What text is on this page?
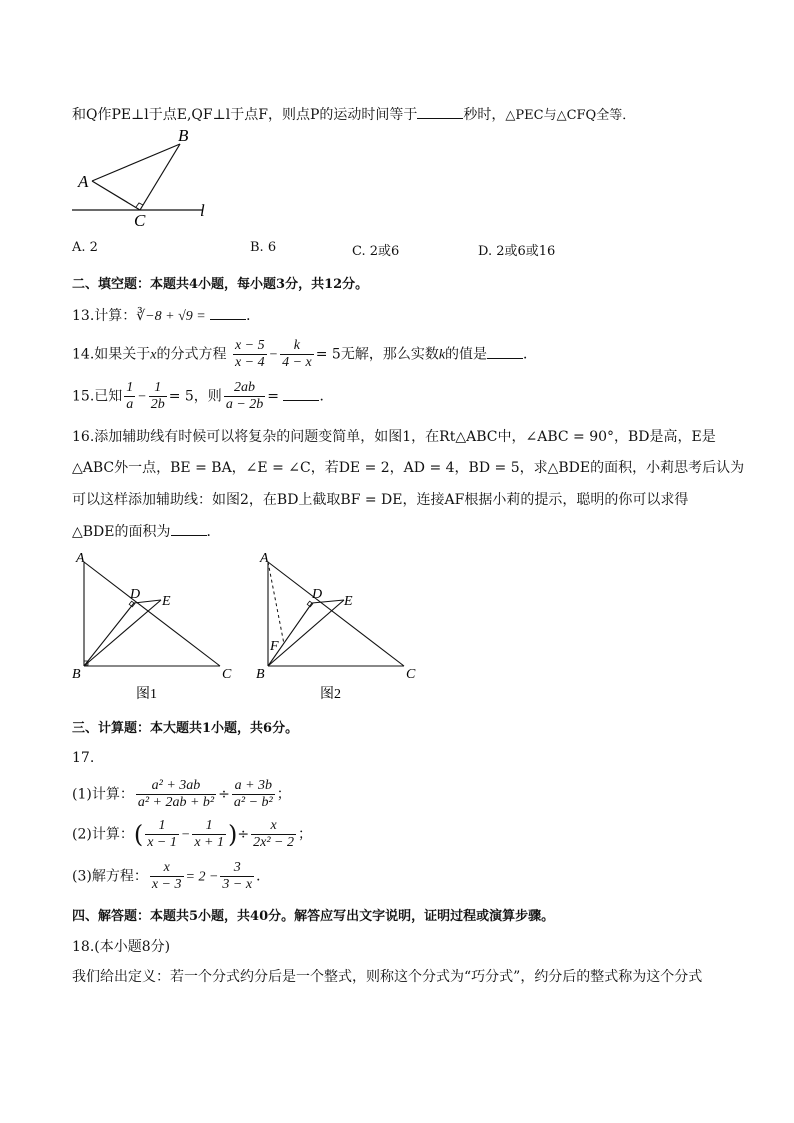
和Q作PE⊥l于点E,QF⊥l于点F，则点P的运动时间等于	秒时，△PEC与△CFQ全等．
A
B
C
l
A. 2	B. 6	C. 2或6	D. 2或6或16
二、填空题：本题共4小题，每小题3分，共12分。
13.计算：∛−8 + √9 =	．
14.如果关于x的分式方程 $\frac{x - 5}{x - 4} - \frac{k}{4 - x} = 5$无解，那么实数k的值是	．
15.已知 $\frac{1}{a} - \frac{1}{2b} = 5$，则 $\frac{2ab}{a - 2b}$ =	．
16.添加辅助线有时候可以将复杂的问题变简单，如图1，在Rt△ABC中，∠ABC = 90°，BD是高，E是
△ABC外一点，BE = BA，∠E = ∠C，若DE = 2，AD = 4，BD = 5，求△BDE的面积，小莉思考后认为
可以这样添加辅助线：如图2，在BD上截取BF = DE，连接AF根据小莉的提示，聪明的你可以求得
△BDE的面积为	．
A
D E
B	C
图1
A
D E
F
B	C
图2
三、计算题：本大题共1小题，共6分。
17.
(1)计算： $\frac{\text{a² + 3ab}}{\text{a² + 2ab + b²}} \div \frac{a + 3b}{\text{a² − b²}}$ ；
(2)计算：( $\frac{1}{x - 1} - \frac{1}{x + 1}$ )÷ $\frac{x}{\text{2x² − 2}}$ ；
(3)解方程： $\frac{x}{x - 3} = 2 - \frac{3}{3 - x}$ ．
四、解答题：本题共5小题，共40分。解答应写出文字说明，证明过程或演算步骤。
18.(本小题8分)
我们给出定义：若一个分式约分后是一个整式，则称这个分式为“巧分式”，约分后的整式称为这个分式
